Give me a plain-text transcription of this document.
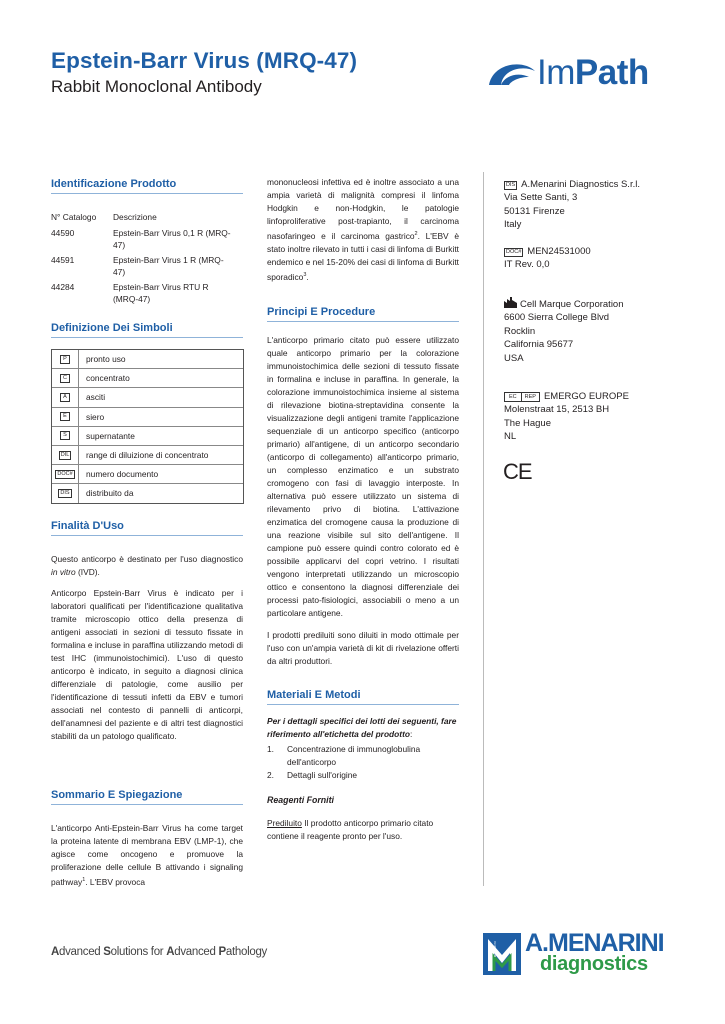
Epstein-Barr Virus (MRQ-47)
Rabbit Monoclonal Antibody	ImPath
Identificazione Prodotto
N° Catalogo	Descrizione
44590	Epstein-Barr Virus 0,1 R (MRQ-47)
44591	Epstein-Barr Virus 1 R (MRQ-47)
44284	Epstein-Barr Virus RTU R (MRQ-47)
Definizione Dei Simboli
P	pronto uso
C	concentrato
A	asciti
E	siero
S	supernatante
DIL	range di diluizione di concentrato
DOC#	numero documento
DIS	distribuito da
Finalità D'Uso

Questo anticorpo è destinato per l'uso diagnostico in vitro (IVD).

Anticorpo Epstein-Barr Virus è indicato per i laboratori qualificati per l'identificazione qualitativa tramite microscopio ottico della presenza di antigeni associati in sezioni di tessuto fissate in formalina e incluse in paraffina utilizzando metodi di test IHC (immunoistochimici). L'uso di questo anticorpo è indicato, in seguito a diagnosi clinica differenziale di patologie, come ausilio per l'identificazione di tessuti infetti da EBV e tumori associati nel contesto di pannelli di anticorpi, dell'anamnesi del paziente e di altri test diagnostici stabiliti da un patologo qualificato.

Sommario E Spiegazione

L'anticorpo Anti-Epstein-Barr Virus ha come target la proteina latente di membrana EBV (LMP-1), che agisce come oncogeno e promuove la proliferazione delle cellule B attivando i signaling pathway$^1$. L'EBV provoca

mononucleosi infettiva ed è inoltre associato a una ampia varietà di malignità compresi il linfoma Hodgkin e non-Hodgkin, le patologie linfoproliferative post-trapianto, il carcinoma nasofaringeo e il carcinoma gastrico$^2$. L'EBV è stato inoltre rilevato in tutti i casi di linfoma di Burkitt endemico e nel 15-20% dei casi di linfoma di Burkitt sporadico$^3$.

Principi E Procedure

L'anticorpo primario citato può essere utilizzato quale anticorpo primario per la colorazione immunoistochimica delle sezioni di tessuto fissate in formalina e incluse in paraffina. In generale, la colorazione immunoistochimica insieme al sistema di rilevazione biotina-streptavidina consente la visualizzazione degli antigeni tramite l'applicazione sequenziale di un anticorpo specifico (anticorpo primario) all'antigene, di un anticorpo secondario (anticorpo di collegamento) all'anticorpo primario, un complesso enzimatico e un substrato cromogeno con fasi di lavaggio interposte. In alternativa può essere utilizzato un sistema di rilevamento privo di biotina. L'attivazione enzimatica del cromogene causa la produzione di una reazione visibile sul sito dell'antigene. Il campione può essere quindi contro colorato ed è possibile applicarvi del copri vetrino. I risultati vengono interpretati utilizzando un microscopio ottico e consentono la diagnosi differenziale dei processi pato-fisiologici, associabili o meno a un particolare antigene.

I prodotti prediluiti sono diluiti in modo ottimale per l'uso con un'ampia varietà di kit di rivelazione offerti da altri produttori.

Materiali E Metodi

Per i dettagli specifici dei lotti dei seguenti, fare riferimento all'etichetta del prodotto:

1.	Concentrazione di immunoglobulina dell'anticorpo
2.	Dettagli sull'origine

Reagenti Forniti

Prediluito Il prodotto anticorpo primario citato contiene il reagente pronto per l'uso.

DIS A.Menarini Diagnostics S.r.l.
Via Sette Santi, 3
50131 Firenze
Italy
DOC# MEN24531000
IT Rev. 0,0
Cell Marque Corporation
6600 Sierra College Blvd
Rocklin
California 95677
USA
EC	REP EMERGO EUROPE
Molenstraat 15, 2513 BH
The Hague
NL
CE
Advanced Solutions for Advanced Pathology	MENARINI A.MENARINI
diagnostics
